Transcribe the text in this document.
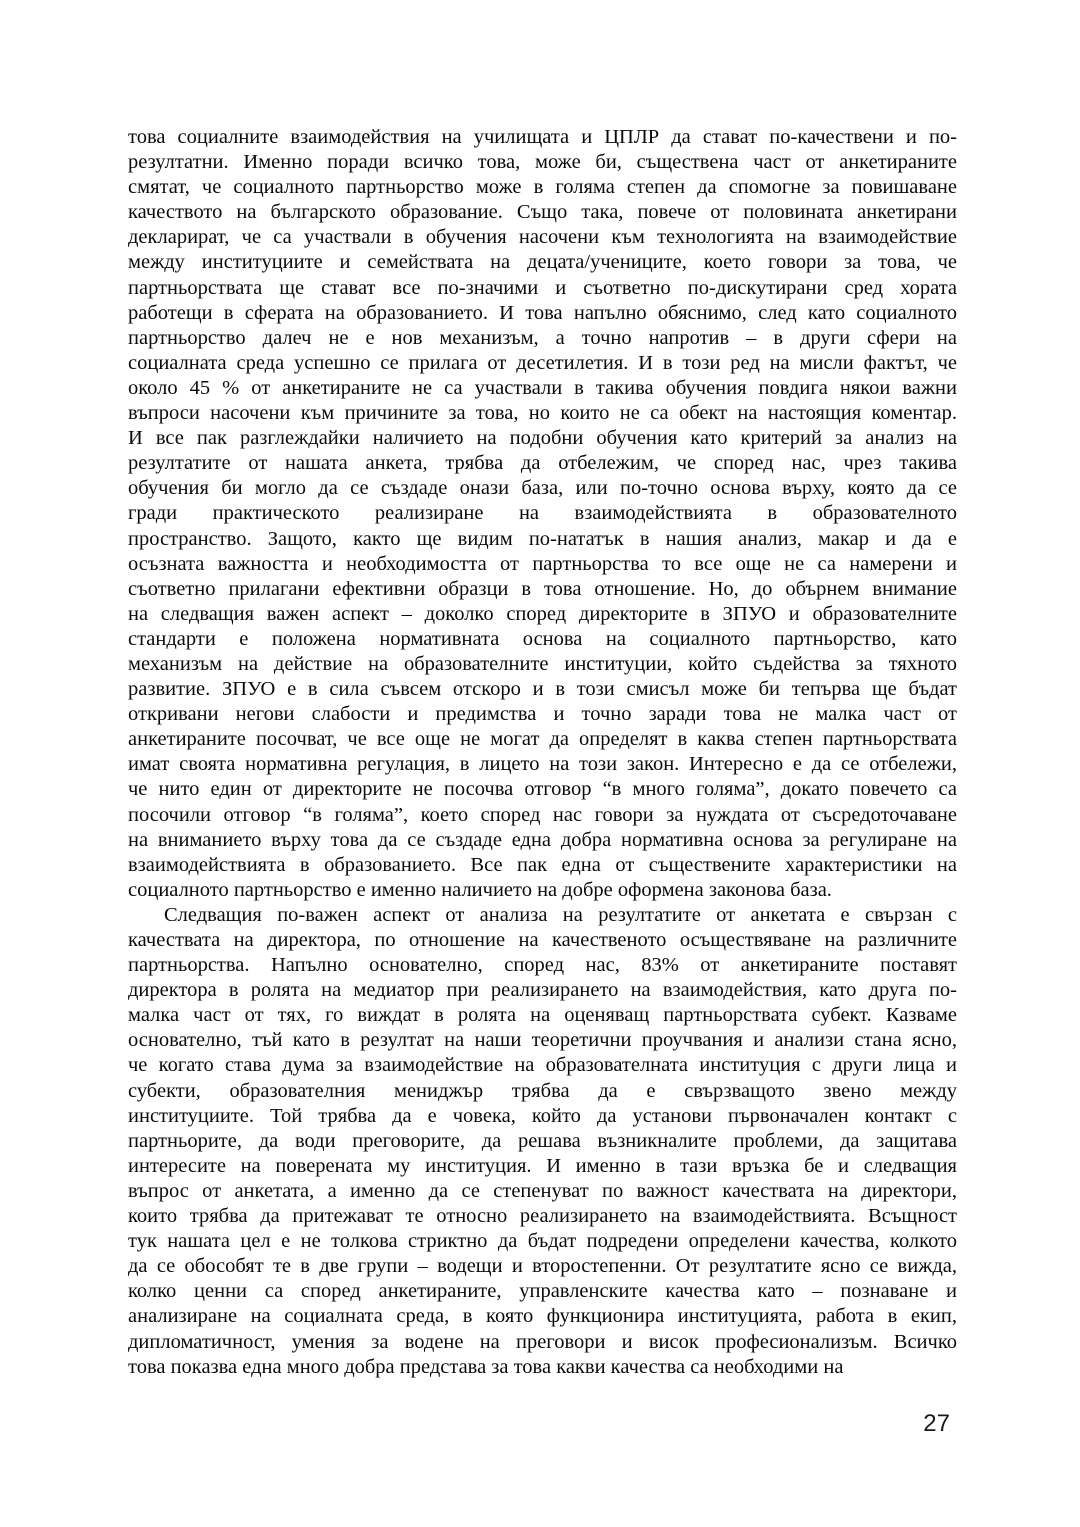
това социалните взаимодействия на училищата и ЦПЛР да стават по-качествени и по-
резултатни. Именно поради всичко това, може би, съществена част от анкетираните
смятат, че социалното партньорство може в голяма степен да спомогне за повишаване
качеството на българското образование. Също така, повече от половината анкетирани
декларират, че са участвали в обучения насочени към технологията на взаимодействие
между институциите и семействата на децата/учениците, което говори за това, че
партньорствата ще стават все по-значими и съответно по-дискутирани сред хората
работещи в сферата на образованието. И това напълно обяснимо, след като социалното
партньорство далеч не е нов механизъм, а точно напротив – в други сфери на
социалната среда успешно се прилага от десетилетия. И в този ред на мисли фактът, че
около 45 % от анкетираните не са участвали в такива обучения повдига някои важни
въпроси насочени към причините за това, но които не са обект на настоящия коментар.
И все пак разглеждайки наличието на подобни обучения като критерий за анализ на
резултатите от нашата анкета, трябва да отбележим, че според нас, чрез такива
обучения би могло да се създаде онази база, или по-точно основа върху, която да се
гради практическото реализиране на взаимодействията в образователното
пространство. Защото, както ще видим по-нататък в нашия анализ, макар и да е
осъзната важността и необходимостта от партньорства то все още не са намерени и
съответно прилагани ефективни образци в това отношение. Но, до обърнем внимание
на следващия важен аспект – доколко според директорите в ЗПУО и образователните
стандарти е положена нормативната основа на социалното партньорство, като
механизъм на действие на образователните институции, който съдейства за тяхното
развитие. ЗПУО е в сила съвсем отскоро и в този смисъл може би тепърва ще бъдат
откривани негови слабости и предимства и точно заради това не малка част от
анкетираните посочват, че все още не могат да определят в каква степен партньорствата
имат своята нормативна регулация, в лицето на този закон. Интересно е да се отбележи,
че нито един от директорите не посочва отговор “в много голяма”, докато повечето са
посочили отговор “в голяма”, което според нас говори за нуждата от съсредоточаване
на вниманието върху това да се създаде една добра нормативна основа за регулиране на
взаимодействията в образованието. Все пак една от съществените характеристики на
социалното партньорство е именно наличието на добре оформена законова база.
Следващия по-важен аспект от анализа на резултатите от анкетата е свързан с
качествата на директора, по отношение на качественото осъществяване на различните
партньорства. Напълно основателно, според нас, 83% от анкетираните поставят
директора в ролята на медиатор при реализирането на взаимодействия, като друга по-
малка част от тях, го виждат в ролята на оценяващ партньорствата субект. Казваме
основателно, тъй като в резултат на наши теоретични проучвания и анализи стана ясно,
че когато става дума за взаимодействие на образователната институция с други лица и
субекти, образователния мениджър трябва да е свързващото звено между
институциите. Той трябва да е човека, който да установи първоначален контакт с
партньорите, да води преговорите, да решава възникналите проблеми, да защитава
интересите на поверената му институция. И именно в тази връзка бе и следващия
въпрос от анкетата, а именно да се степенуват по важност качествата на директори,
които трябва да притежават те относно реализирането на взаимодействията. Всъщност
тук нашата цел е не толкова стриктно да бъдат подредени определени качества, колкото
да се обособят те в две групи – водещи и второстепенни. От резултатите ясно се вижда,
колко ценни са според анкетираните, управленските качества като – познаване и
анализиране на социалната среда, в която функционира институцията, работа в екип,
дипломатичност, умения за водене на преговори и висок професионализъм. Всичко
това показва една много добра представа за това какви качества са необходими на
27
